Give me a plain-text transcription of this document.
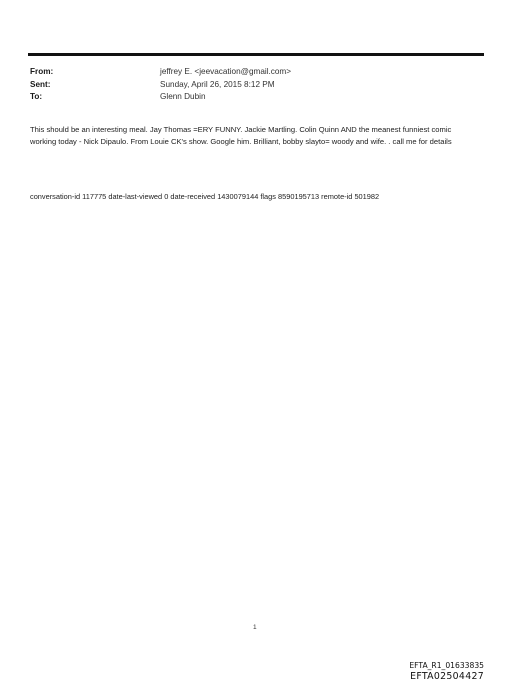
From:	jeffrey E. <jeevacation@gmail.com>
Sent:	Sunday, April 26, 2015 8:12 PM
To:	Glenn Dubin
This should be an interesting meal. Jay Thomas =ERY FUNNY. Jackie Martling. Colin Quinn AND the meanest funniest comic working today - Nick Dipaulo. From Louie CK's show. Google him. Brilliant, bobby slayto= woody and wife. . call me for details
conversation-id 117775 date-last-viewed 0 date-received 1430079144 flags 8590195713 remote-id 501982
1
EFTA_R1_01633835
EFTA02504427
